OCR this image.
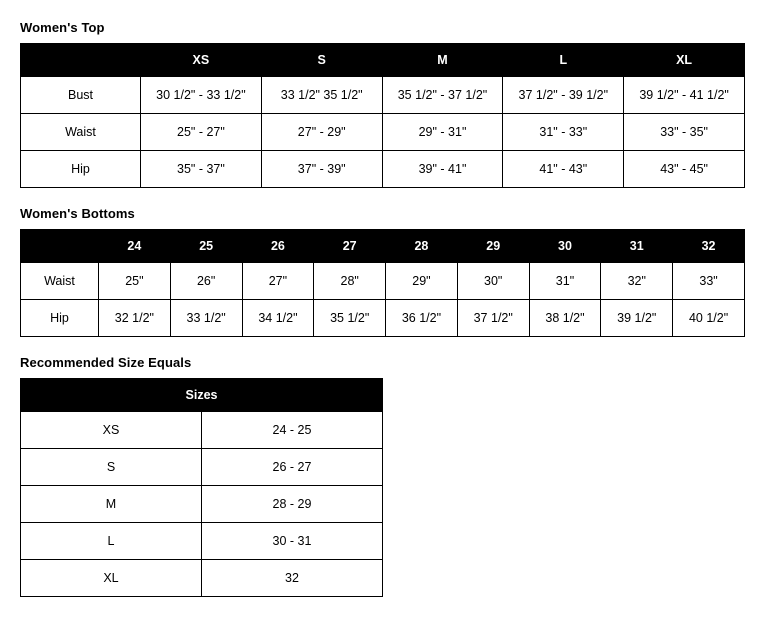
Women's Top
	XS	S	M	L	XL
Bust	30 1/2" - 33 1/2"	33 1/2" 35 1/2"	35 1/2" - 37 1/2"	37 1/2" - 39 1/2"	39 1/2" - 41 1/2"
Waist	25" - 27"	27" - 29"	29" - 31"	31" - 33"	33" - 35"
Hip	35" - 37"	37" - 39"	39" - 41"	41" - 43"	43" - 45"
Women's Bottoms
	24	25	26	27	28	29	30	31	32
Waist	25"	26"	27"	28"	29"	30"	31"	32"	33"
Hip	32 1/2"	33 1/2"	34 1/2"	35 1/2"	36 1/2"	37 1/2"	38 1/2"	39 1/2"	40 1/2"
Recommended Size Equals
Sizes	
XS	24 - 25
S	26 - 27
M	28 - 29
L	30 - 31
XL	32
